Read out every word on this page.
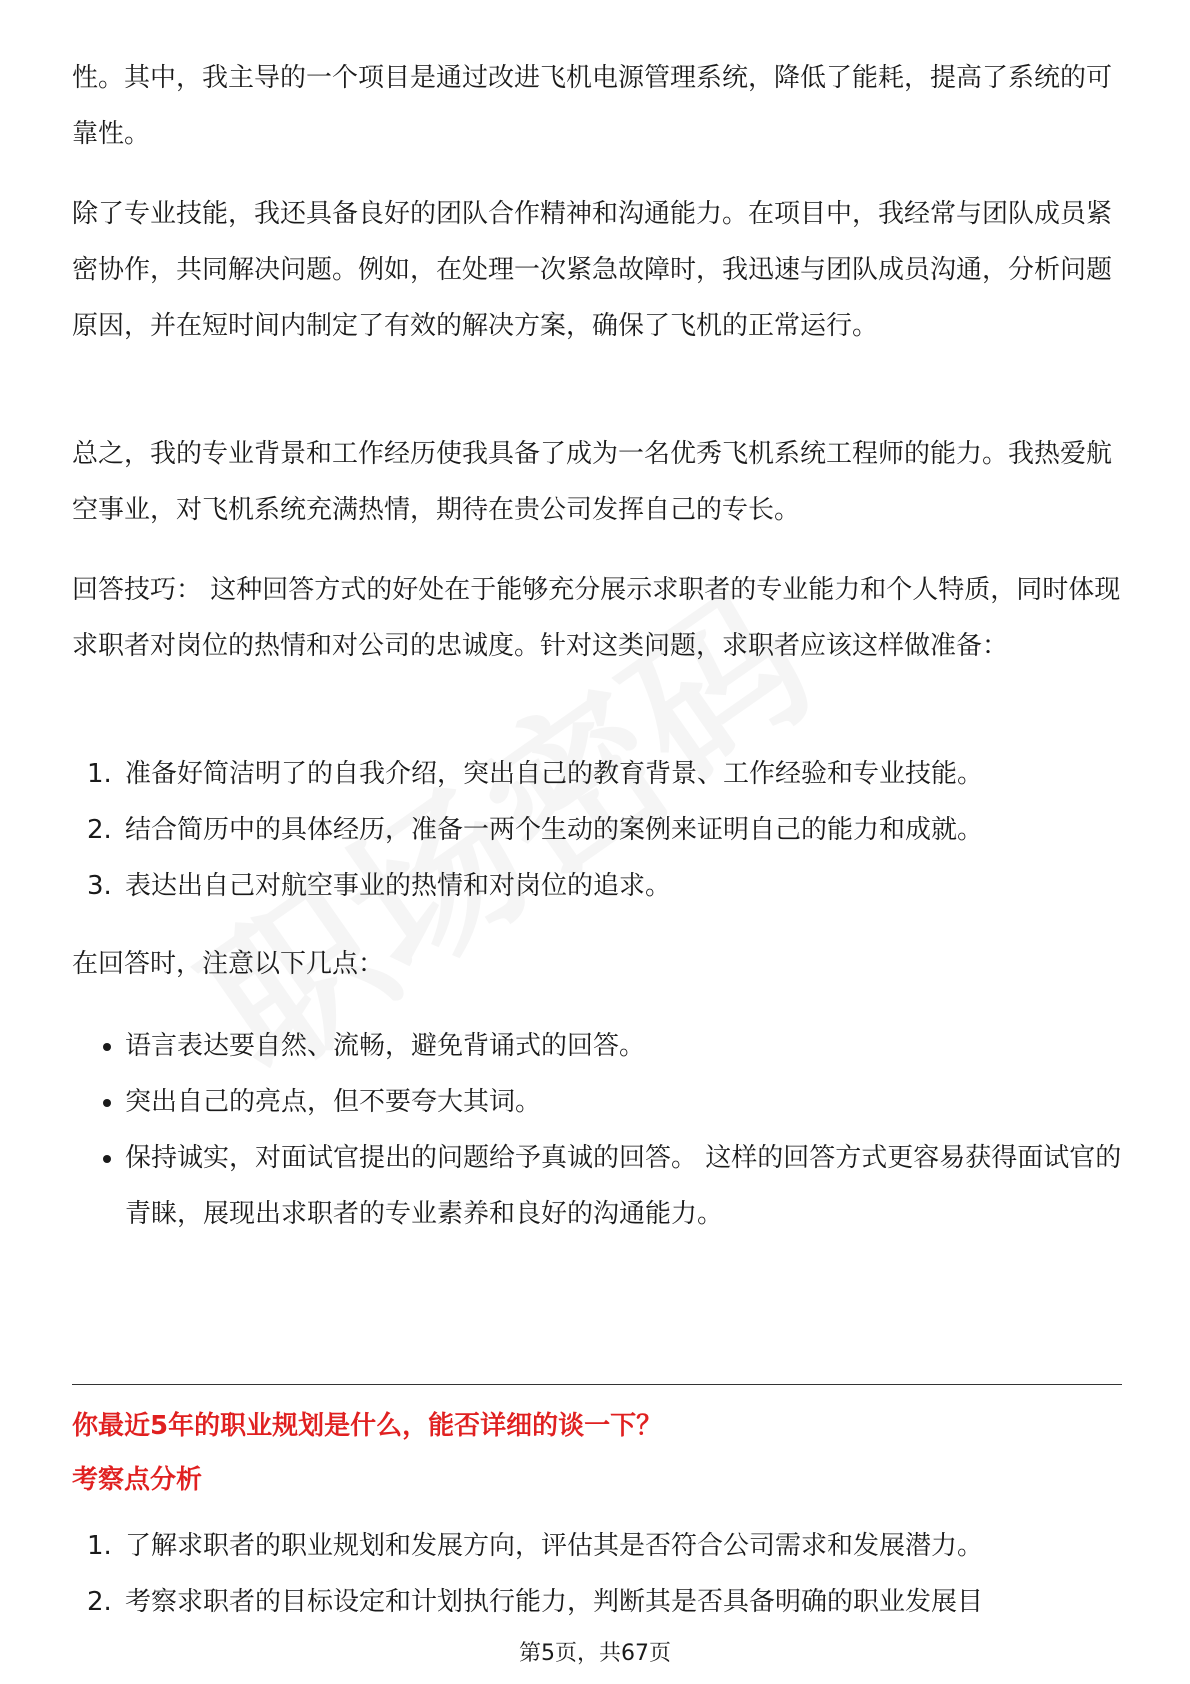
性。其中，我主导的一个项目是通过改进飞机电源管理系统，降低了能耗，提高了系统的可靠性。

除了专业技能，我还具备良好的团队合作精神和沟通能力。在项目中，我经常与团队成员紧密协作，共同解决问题。例如，在处理一次紧急故障时，我迅速与团队成员沟通，分析问题原因，并在短时间内制定了有效的解决方案，确保了飞机的正常运行。

总之，我的专业背景和工作经历使我具备了成为一名优秀飞机系统工程师的能力。我热爱航空事业，对飞机系统充满热情，期待在贵公司发挥自己的专长。

回答技巧： 这种回答方式的好处在于能够充分展示求职者的专业能力和个人特质，同时体现求职者对岗位的热情和对公司的忠诚度。针对这类问题，求职者应该这样做准备：

1. 准备好简洁明了的自我介绍，突出自己的教育背景、工作经验和专业技能。
2. 结合简历中的具体经历，准备一两个生动的案例来证明自己的能力和成就。
3. 表达出自己对航空事业的热情和对岗位的追求。

在回答时，注意以下几点：

语言表达要自然、流畅，避免背诵式的回答。
突出自己的亮点，但不要夸大其词。
保持诚实，对面试官提出的问题给予真诚的回答。 这样的回答方式更容易获得面试官的青睐，展现出求职者的专业素养和良好的沟通能力。
你最近5年的职业规划是什么，能否详细的谈一下？
考察点分析
1. 了解求职者的职业规划和发展方向，评估其是否符合公司需求和发展潜力。
2. 考察求职者的目标设定和计划执行能力，判断其是否具备明确的职业发展目
第5页，共67页
